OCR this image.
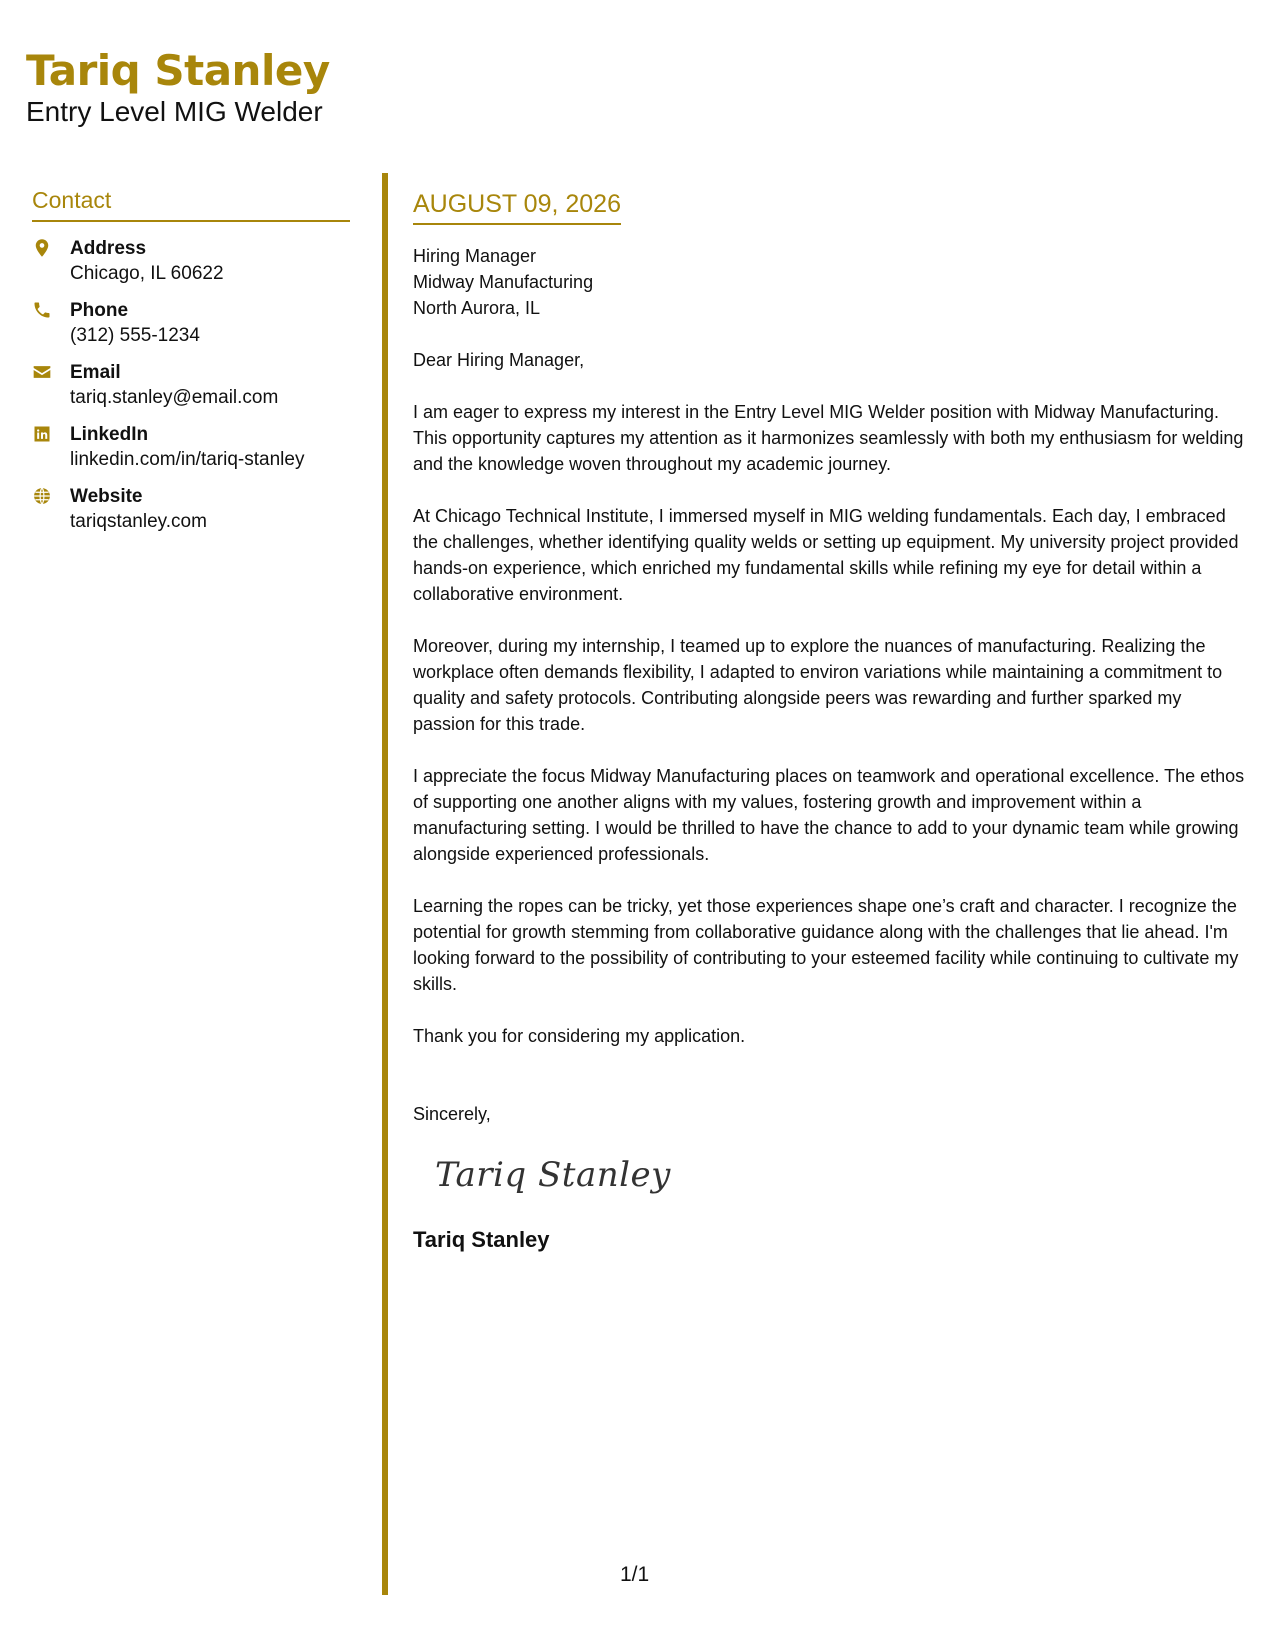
Tariq Stanley
Entry Level MIG Welder
Contact
Address
Chicago, IL 60622
Phone
(312) 555-1234
Email
tariq.stanley@email.com
LinkedIn
linkedin.com/in/tariq-stanley
Website
tariqstanley.com
AUGUST 09, 2026
Hiring Manager
Midway Manufacturing
North Aurora, IL
Dear Hiring Manager,
I am eager to express my interest in the Entry Level MIG Welder position with Midway Manufacturing. This opportunity captures my attention as it harmonizes seamlessly with both my enthusiasm for welding and the knowledge woven throughout my academic journey.
At Chicago Technical Institute, I immersed myself in MIG welding fundamentals. Each day, I embraced the challenges, whether identifying quality welds or setting up equipment. My university project provided hands-on experience, which enriched my fundamental skills while refining my eye for detail within a collaborative environment.
Moreover, during my internship, I teamed up to explore the nuances of manufacturing. Realizing the workplace often demands flexibility, I adapted to environ variations while maintaining a commitment to quality and safety protocols. Contributing alongside peers was rewarding and further sparked my passion for this trade.
I appreciate the focus Midway Manufacturing places on teamwork and operational excellence. The ethos of supporting one another aligns with my values, fostering growth and improvement within a manufacturing setting. I would be thrilled to have the chance to add to your dynamic team while growing alongside experienced professionals.
Learning the ropes can be tricky, yet those experiences shape one’s craft and character. I recognize the potential for growth stemming from collaborative guidance along with the challenges that lie ahead. I'm looking forward to the possibility of contributing to your esteemed facility while continuing to cultivate my skills.
Thank you for considering my application.
Sincerely,
Tariq Stanley
Tariq Stanley
1/1
